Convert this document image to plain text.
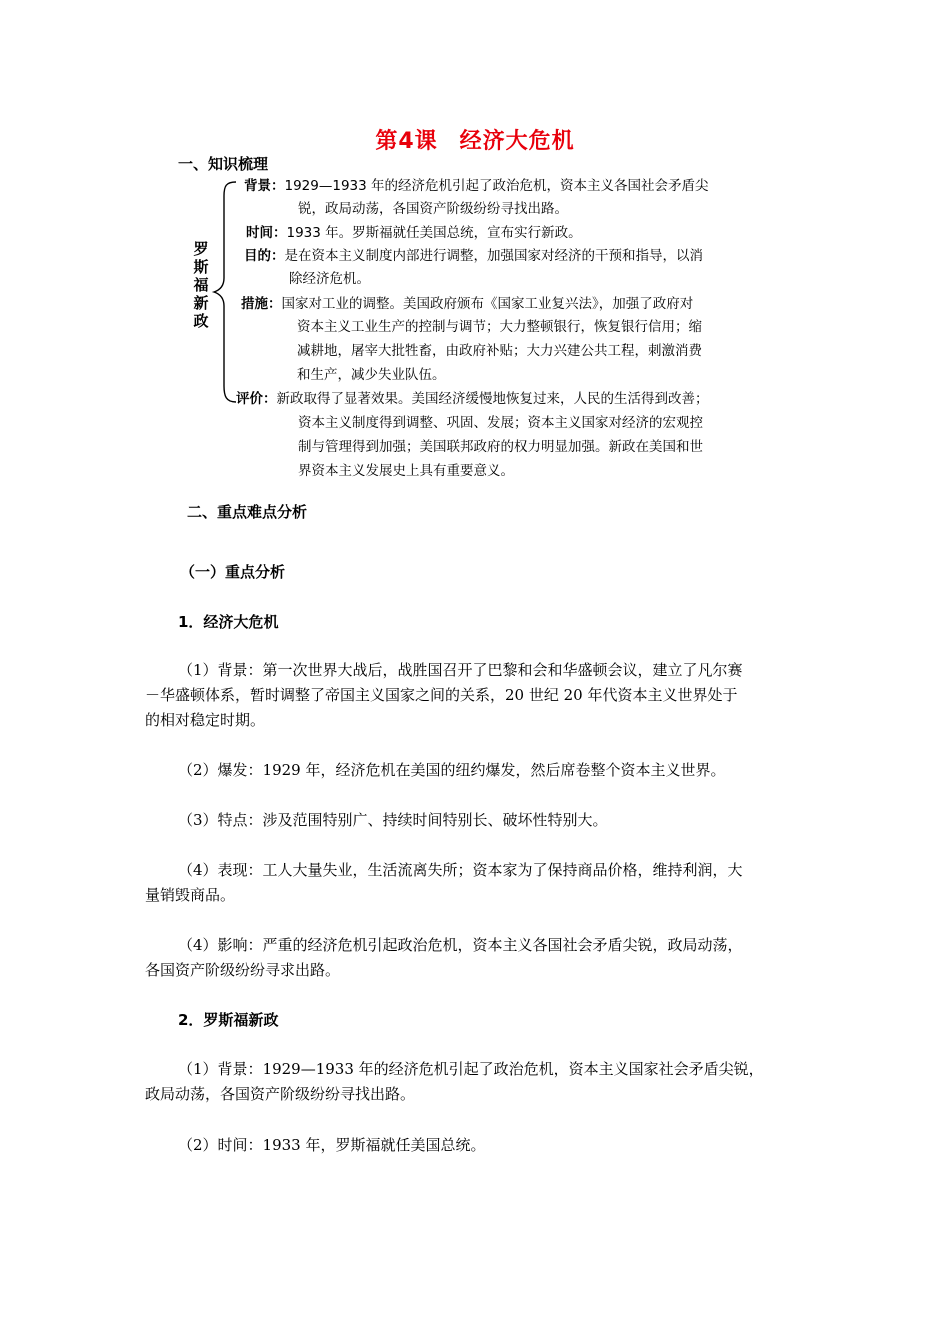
第4课 经济大危机
一、知识梳理
罗斯福新政
背景：1929—1933 年的经济危机引起了政治危机，资本主义各国社会矛盾尖
锐，政局动荡，各国资产阶级纷纷寻找出路。
时间：1933 年。罗斯福就任美国总统，宣布实行新政。
目的：是在资本主义制度内部进行调整，加强国家对经济的干预和指导，以消
除经济危机。
措施：国家对工业的调整。美国政府颁布《国家工业复兴法》，加强了政府对
资本主义工业生产的控制与调节；大力整顿银行，恢复银行信用；缩
减耕地，屠宰大批牲畜，由政府补贴；大力兴建公共工程，刺激消费
和生产，减少失业队伍。
评价：新政取得了显著效果。美国经济缓慢地恢复过来，人民的生活得到改善；
资本主义制度得到调整、巩固、发展；资本主义国家对经济的宏观控
制与管理得到加强；美国联邦政府的权力明显加强。新政在美国和世
界资本主义发展史上具有重要意义。
二、重点难点分析
（一）重点分析
1．经济大危机
（1）背景：第一次世界大战后，战胜国召开了巴黎和会和华盛顿会议，建立了凡尔赛
－华盛顿体系，暂时调整了帝国主义国家之间的关系，20 世纪 20 年代资本主义世界处于
的相对稳定时期。
（2）爆发：1929 年，经济危机在美国的纽约爆发，然后席卷整个资本主义世界。
（3）特点：涉及范围特别广、持续时间特别长、破坏性特别大。
（4）表现：工人大量失业，生活流离失所；资本家为了保持商品价格，维持利润，大
量销毁商品。
（4）影响：严重的经济危机引起政治危机，资本主义各国社会矛盾尖锐，政局动荡，
各国资产阶级纷纷寻求出路。
2．罗斯福新政
（1）背景：1929—1933 年的经济危机引起了政治危机，资本主义国家社会矛盾尖锐，
政局动荡，各国资产阶级纷纷寻找出路。
（2）时间：1933 年，罗斯福就任美国总统。
